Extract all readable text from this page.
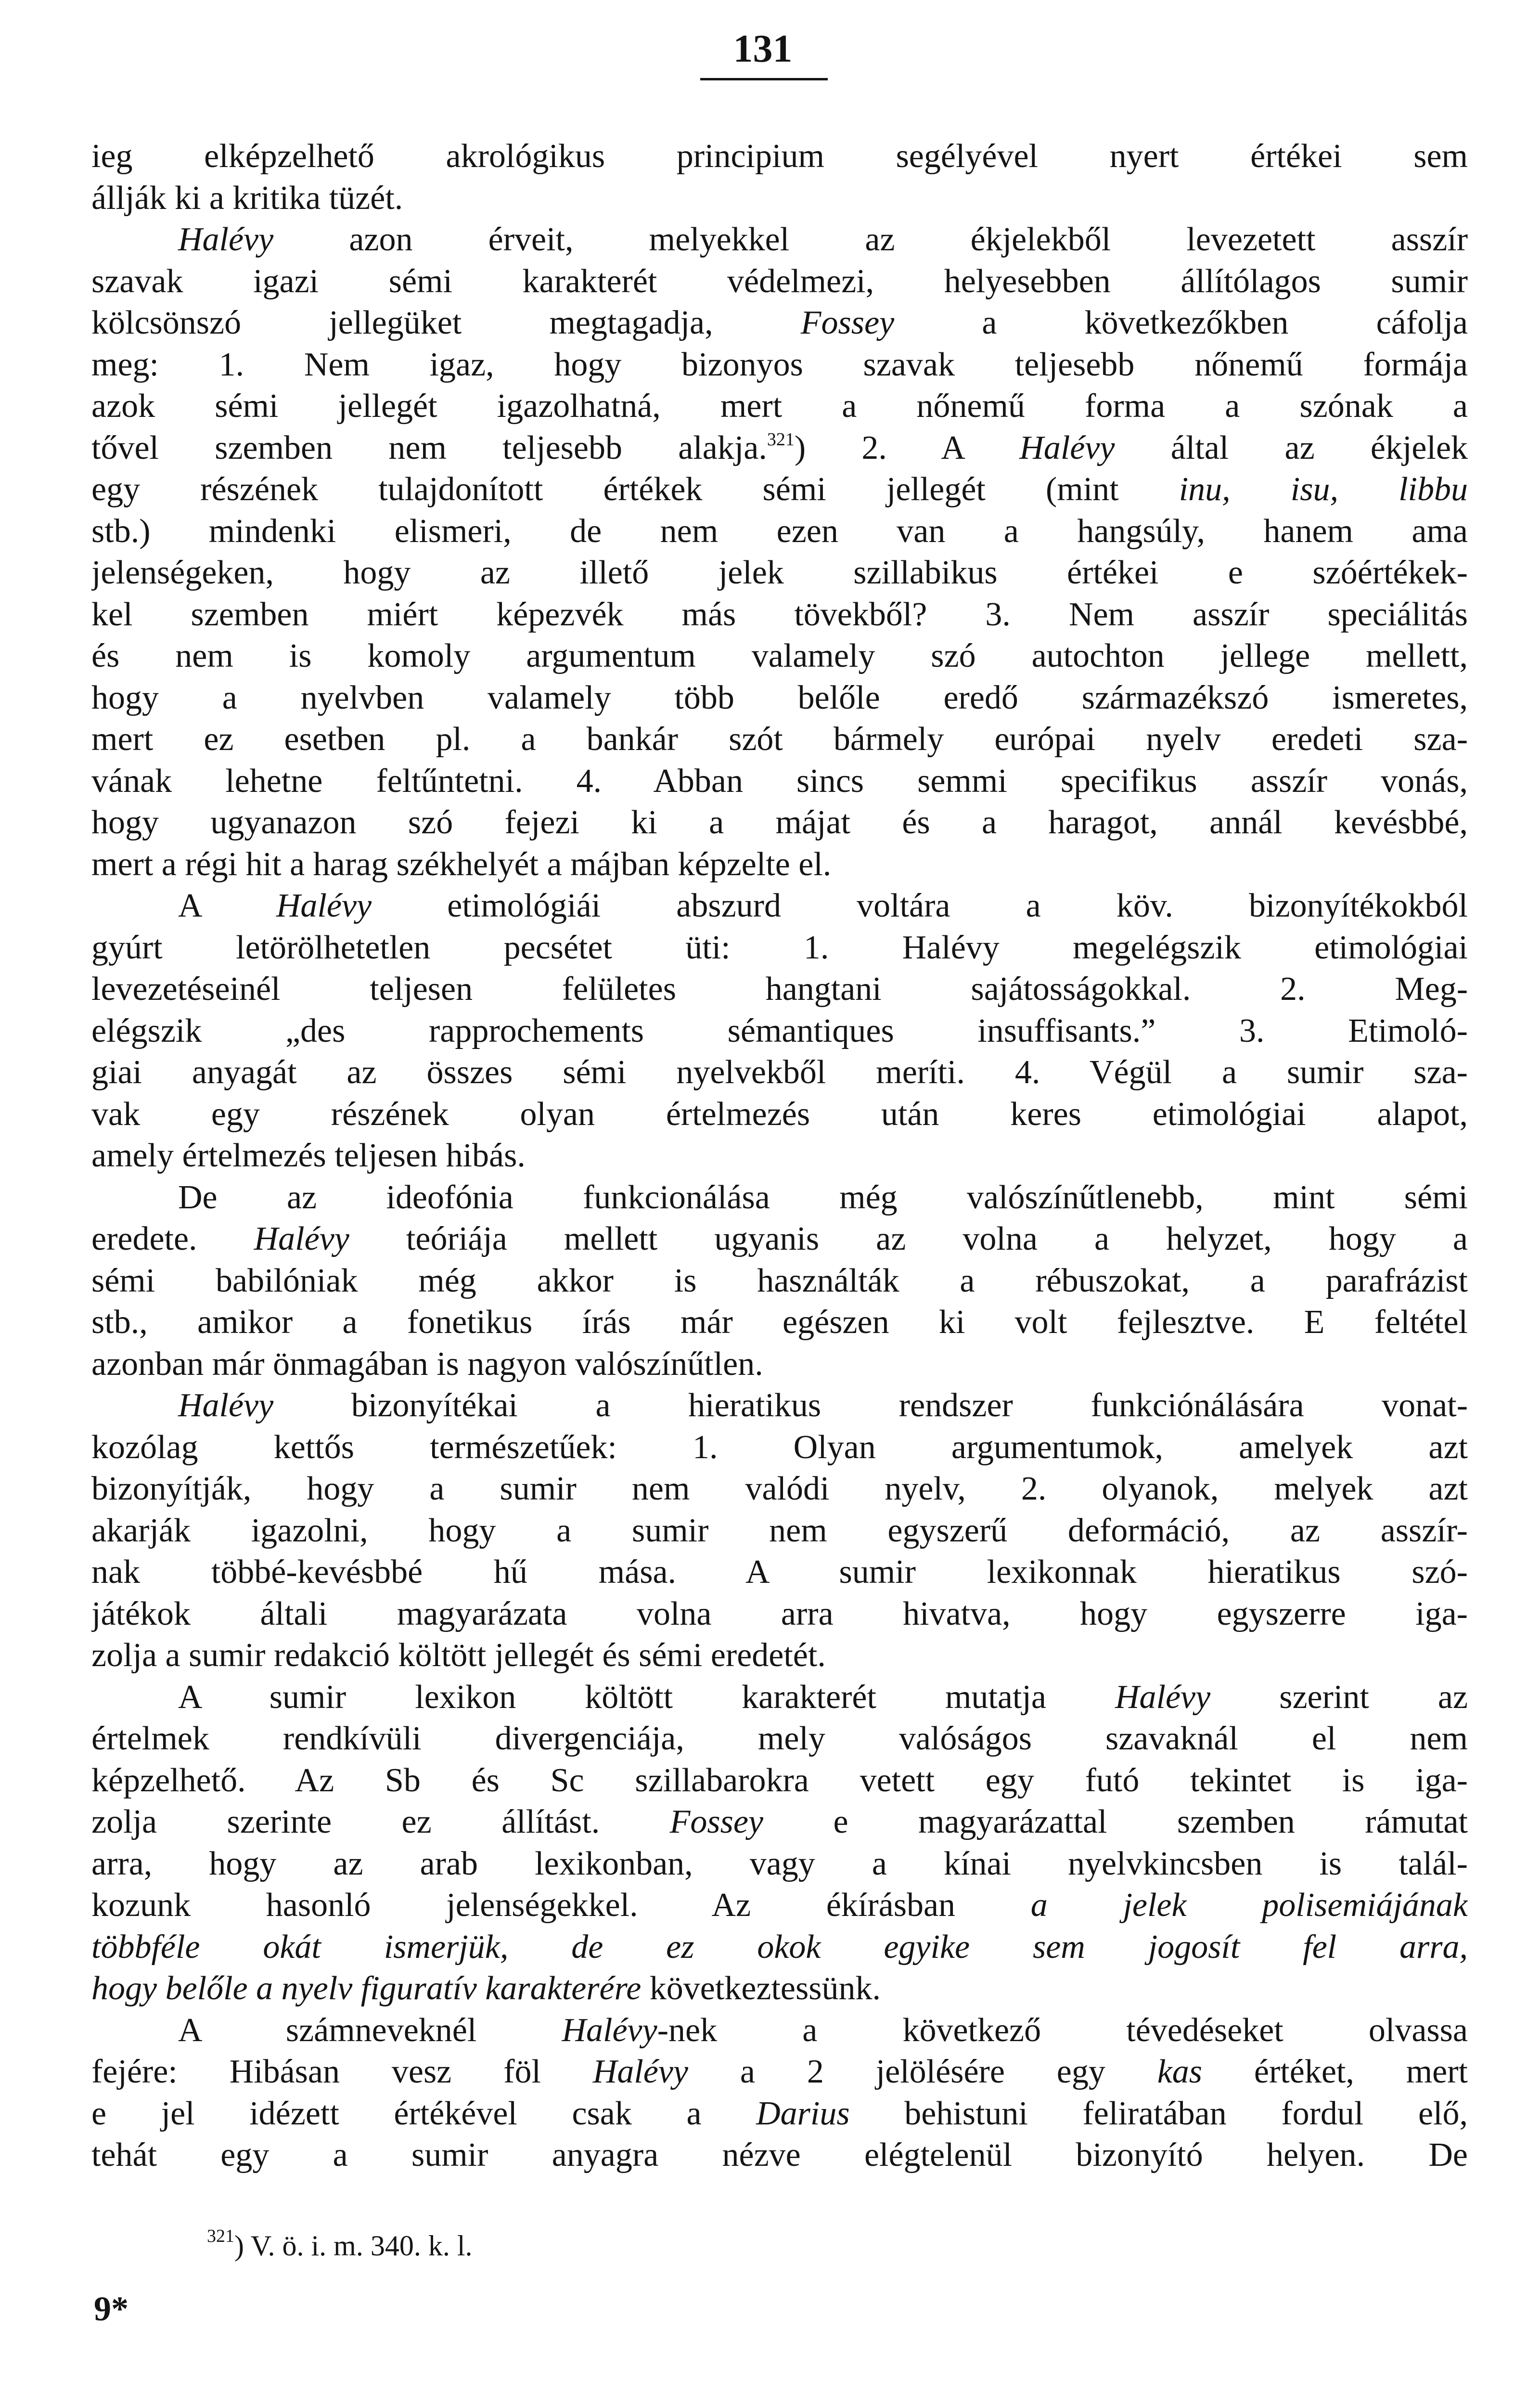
131
ieg elképzelhető akrológikus principium segélyével nyert értékei sem
állják ki a kritika tüzét.
Halévy azon érveit, melyekkel az ékjelekből levezetett asszír
szavak igazi sémi karakterét védelmezi, helyesebben állítólagos sumir
kölcsönszó jellegüket megtagadja, Fossey a következőkben cáfolja
meg: 1. Nem igaz, hogy bizonyos szavak teljesebb nőnemű formája
azok sémi jellegét igazolhatná, mert a nőnemű forma a szónak a
tővel szemben nem teljesebb alakja.$^{321}$) 2. A Halévy által az ékjelek
egy részének tulajdonított értékek sémi jellegét (mint inu, isu, libbu
stb.) mindenki elismeri, de nem ezen van a hangsúly, hanem ama
jelenségeken, hogy az illető jelek szillabikus értékei e szóértékek-
kel szemben miért képezvék más tövekből? 3. Nem asszír speciálitás
és nem is komoly argumentum valamely szó autochton jellege mellett,
hogy a nyelvben valamely több belőle eredő származékszó ismeretes,
mert ez esetben pl. a bankár szót bármely európai nyelv eredeti sza-
vának lehetne feltűntetni. 4. Abban sincs semmi specifikus asszír vonás,
hogy ugyanazon szó fejezi ki a májat és a haragot, annál kevésbbé,
mert a régi hit a harag székhelyét a májban képzelte el.
A Halévy etimológiái abszurd voltára a köv. bizonyítékokból
gyúrt letörölhetetlen pecsétet üti: 1. Halévy megelégszik etimológiai
levezetéseinél teljesen felületes hangtani sajátosságokkal. 2. Meg-
elégszik „des rapprochements sémantiques insuffisants.” 3. Etimoló-
giai anyagát az összes sémi nyelvekből meríti. 4. Végül a sumir sza-
vak egy részének olyan értelmezés után keres etimológiai alapot,
amely értelmezés teljesen hibás.
De az ideofónia funkcionálása még valószínűtlenebb, mint sémi
eredete. Halévy teóriája mellett ugyanis az volna a helyzet, hogy a
sémi babilóniak még akkor is használták a rébuszokat, a parafrázist
stb., amikor a fonetikus írás már egészen ki volt fejlesztve. E feltétel
azonban már önmagában is nagyon valószínűtlen.
Halévy bizonyítékai a hieratikus rendszer funkciónálására vonat-
kozólag kettős természetűek: 1. Olyan argumentumok, amelyek azt
bizonyítják, hogy a sumir nem valódi nyelv, 2. olyanok, melyek azt
akarják igazolni, hogy a sumir nem egyszerű deformáció, az asszír-
nak többé-kevésbbé hű mása. A sumir lexikonnak hieratikus szó-
játékok általi magyarázata volna arra hivatva, hogy egyszerre iga-
zolja a sumir redakció költött jellegét és sémi eredetét.
A sumir lexikon költött karakterét mutatja Halévy szerint az
értelmek rendkívüli divergenciája, mely valóságos szavaknál el nem
képzelhető. Az Sb és Sc szillabarokra vetett egy futó tekintet is iga-
zolja szerinte ez állítást. Fossey e magyarázattal szemben rámutat
arra, hogy az arab lexikonban, vagy a kínai nyelvkincsben is talál-
kozunk hasonló jelenségekkel. Az ékírásban a jelek polisemiájának
többféle okát ismerjük, de ez okok egyike sem jogosít fel arra,
hogy belőle a nyelv figuratív karakterére következtessünk.
A számneveknél Halévy-nek a következő tévedéseket olvassa
fejére: Hibásan vesz föl Halévy a 2 jelölésére egy kas értéket, mert
e jel idézett értékével csak a Darius behistuni feliratában fordul elő,
tehát egy a sumir anyagra nézve elégtelenül bizonyító helyen. De
$^{321}$) V. ö. i. m. 340. k. l.
9*
